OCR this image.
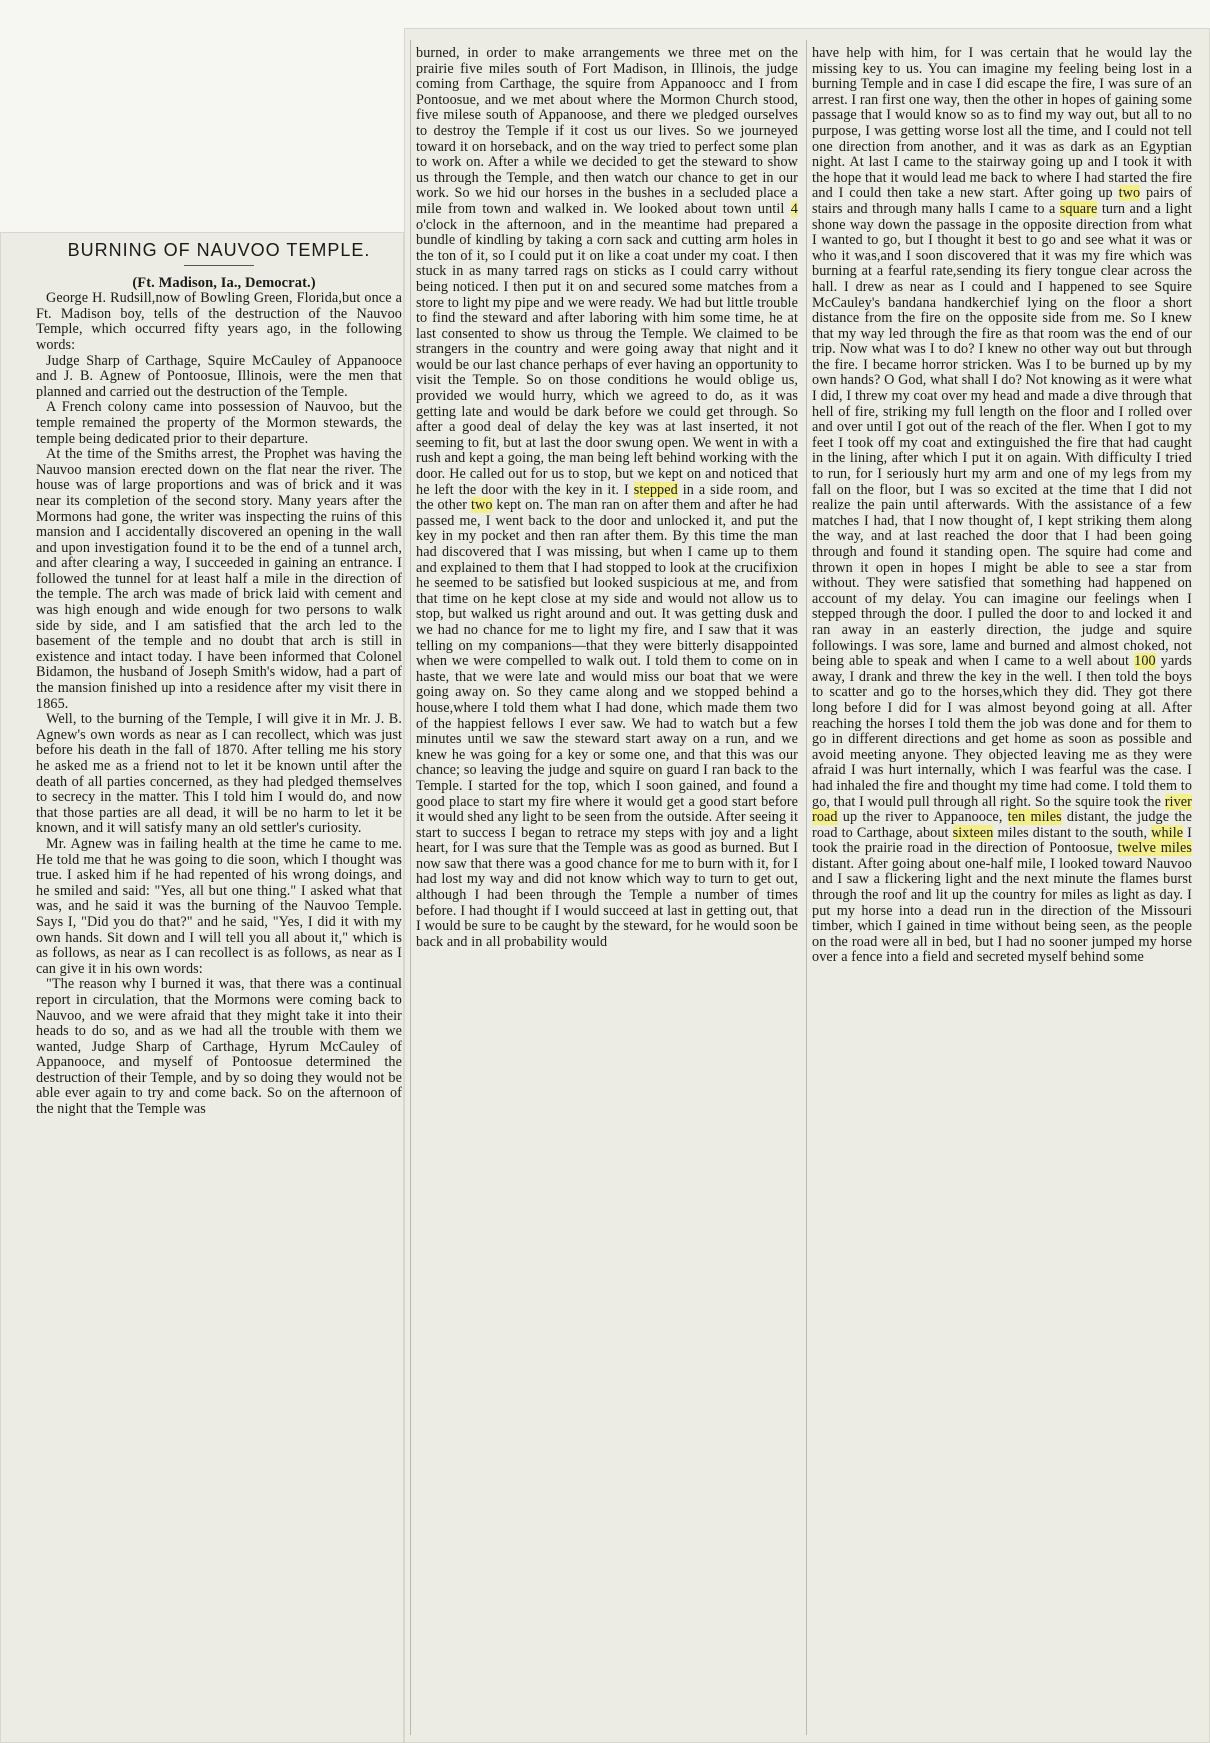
BURNING OF NAUVOO TEMPLE.

(Ft. Madison, Ia., Democrat.)

George H. Rudsill,now of Bowling Green, Florida,but once a Ft. Madison boy, tells of the destruction of the Nauvoo Temple, which occurred fifty years ago, in the following words:

Judge Sharp of Carthage, Squire McCauley of Appanooce and J. B. Agnew of Pontoosue, Illinois, were the men that planned and carried out the destruction of the Temple.

A French colony came into possession of Nauvoo, but the temple remained the property of the Mormon stewards, the temple being dedicated prior to their departure.

At the time of the Smiths arrest, the Prophet was having the Nauvoo mansion erected down on the flat near the river. The house was of large proportions and was of brick and it was near its completion of the second story. Many years after the Mormons had gone, the writer was inspecting the ruins of this mansion and I accidentally discovered an opening in the wall and upon investigation found it to be the end of a tunnel arch, and after clearing a way, I succeeded in gaining an entrance. I followed the tunnel for at least half a mile in the direction of the temple. The arch was made of brick laid with cement and was high enough and wide enough for two persons to walk side by side, and I am satisfied that the arch led to the basement of the temple and no doubt that arch is still in existence and intact today. I have been informed that Colonel Bidamon, the husband of Joseph Smith's widow, had a part of the mansion finished up into a residence after my visit there in 1865.

Well, to the burning of the Temple, I will give it in Mr. J. B. Agnew's own words as near as I can recollect, which was just before his death in the fall of 1870. After telling me his story he asked me as a friend not to let it be known until after the death of all parties concerned, as they had pledged themselves to secrecy in the matter. This I told him I would do, and now that those parties are all dead, it will be no harm to let it be known, and it will satisfy many an old settler's curiosity.

Mr. Agnew was in failing health at the time he came to me. He told me that he was going to die soon, which I thought was true. I asked him if he had repented of his wrong doings, and he smiled and said: "Yes, all but one thing." I asked what that was, and he said it was the burning of the Nauvoo Temple. Says I, "Did you do that?" and he said, "Yes, I did it with my own hands. Sit down and I will tell you all about it," which is as follows, as near as I can recollect is as follows, as near as I can give it in his own words:

"The reason why I burned it was, that there was a continual report in circulation, that the Mormons were coming back to Nauvoo, and we were afraid that they might take it into their heads to do so, and as we had all the trouble with them we wanted, Judge Sharp of Carthage, Hyrum McCauley of Appanooce, and myself of Pontoosue determined the destruction of their Temple, and by so doing they would not be able ever again to try and come back. So on the afternoon of the night that the Temple was

burned, in order to make arrangements we three met on the prairie five miles south of Fort Madison, in Illinois, the judge coming from Carthage, the squire from Appanoocc and I from Pontoosue, and we met about where the Mormon Church stood, five milese south of Appanoose, and there we pledged ourselves to destroy the Temple if it cost us our lives. So we journeyed toward it on horseback, and on the way tried to perfect some plan to work on. After a while we decided to get the steward to show us through the Temple, and then watch our chance to get in our work. So we hid our horses in the bushes in a secluded place a mile from town and walked in. We looked about town until 4 o'clock in the afternoon, and in the meantime had prepared a bundle of kindling by taking a corn sack and cutting arm holes in the ton of it, so I could put it on like a coat under my coat. I then stuck in as many tarred rags on sticks as I could carry without being noticed. I then put it on and secured some matches from a store to light my pipe and we were ready. We had but little trouble to find the steward and after laboring with him some time, he at last consented to show us throug the Temple. We claimed to be strangers in the country and were going away that night and it would be our last chance perhaps of ever having an opportunity to visit the Temple. So on those conditions he would oblige us, provided we would hurry, which we agreed to do, as it was getting late and would be dark before we could get through. So after a good deal of delay the key was at last inserted, it not seeming to fit, but at last the door swung open. We went in with a rush and kept a going, the man being left behind working with the door. He called out for us to stop, but we kept on and noticed that he left the door with the key in it. I stepped in a side room, and the other two kept on. The man ran on after them and after he had passed me, I went back to the door and unlocked it, and put the key in my pocket and then ran after them. By this time the man had discovered that I was missing, but when I came up to them and explained to them that I had stopped to look at the crucifixion he seemed to be satisfied but looked suspicious at me, and from that time on he kept close at my side and would not allow us to stop, but walked us right around and out. It was getting dusk and we had no chance for me to light my fire, and I saw that it was telling on my companions—that they were bitterly disappointed when we were compelled to walk out. I told them to come on in haste, that we were late and would miss our boat that we were going away on. So they came along and we stopped behind a house,where I told them what I had done, which made them two of the happiest fellows I ever saw. We had to watch but a few minutes until we saw the steward start away on a run, and we knew he was going for a key or some one, and that this was our chance; so leaving the judge and squire on guard I ran back to the Temple. I started for the top, which I soon gained, and found a good place to start my fire where it would get a good start before it would shed any light to be seen from the outside. After seeing it start to success I began to retrace my steps with joy and a light heart, for I was sure that the Temple was as good as burned. But I now saw that there was a good chance for me to burn with it, for I had lost my way and did not know which way to turn to get out, although I had been through the Temple a number of times before. I had thought if I would succeed at last in getting out, that I would be sure to be caught by the steward, for he would soon be back and in all probability would

have help with him, for I was certain that he would lay the missing key to us. You can imagine my feeling being lost in a burning Temple and in case I did escape the fire, I was sure of an arrest. I ran first one way, then the other in hopes of gaining some passage that I would know so as to find my way out, but all to no purpose, I was getting worse lost all the time, and I could not tell one direction from another, and it was as dark as an Egyptian night. At last I came to the stairway going up and I took it with the hope that it would lead me back to where I had started the fire and I could then take a new start. After going up two pairs of stairs and through many halls I came to a square turn and a light shone way down the passage in the opposite direction from what I wanted to go, but I thought it best to go and see what it was or who it was,and I soon discovered that it was my fire which was burning at a fearful rate,sending its fiery tongue clear across the hall. I drew as near as I could and I happened to see Squire McCauley's bandana handkerchief lying on the floor a short distance from the fire on the opposite side from me. So I knew that my way led through the fire as that room was the end of our trip. Now what was I to do? I knew no other way out but through the fire. I became horror stricken. Was I to be burned up by my own hands? O God, what shall I do? Not knowing as it were what I did, I threw my coat over my head and made a dive through that hell of fire, striking my full length on the floor and I rolled over and over until I got out of the reach of the fler. When I got to my feet I took off my coat and extinguished the fire that had caught in the lining, after which I put it on again. With difficulty I tried to run, for I seriously hurt my arm and one of my legs from my fall on the floor, but I was so excited at the time that I did not realize the pain until afterwards. With the assistance of a few matches I had, that I now thought of, I kept striking them along the way, and at last reached the door that I had been going through and found it standing open. The squire had come and thrown it open in hopes I might be able to see a star from without. They were satisfied that something had happened on account of my delay. You can imagine our feelings when I stepped through the door. I pulled the door to and locked it and ran away in an easterly direction, the judge and squire followings. I was sore, lame and burned and almost choked, not being able to speak and when I came to a well about 100 yards away, I drank and threw the key in the well. I then told the boys to scatter and go to the horses,which they did. They got there long before I did for I was almost beyond going at all. After reaching the horses I told them the job was done and for them to go in different directions and get home as soon as possible and avoid meeting anyone. They objected leaving me as they were afraid I was hurt internally, which I was fearful was the case. I had inhaled the fire and thought my time had come. I told them to go, that I would pull through all right. So the squire took the river road up the river to Appanooce, ten miles distant, the judge the road to Carthage, about sixteen miles distant to the south, while I took the prairie road in the direction of Pontoosue, twelve miles distant. After going about one-half mile, I looked toward Nauvoo and I saw a flickering light and the next minute the flames burst through the roof and lit up the country for miles as light as day. I put my horse into a dead run in the direction of the Missouri timber, which I gained in time without being seen, as the people on the road were all in bed, but I had no sooner jumped my horse over a fence into a field and secreted myself behind some
